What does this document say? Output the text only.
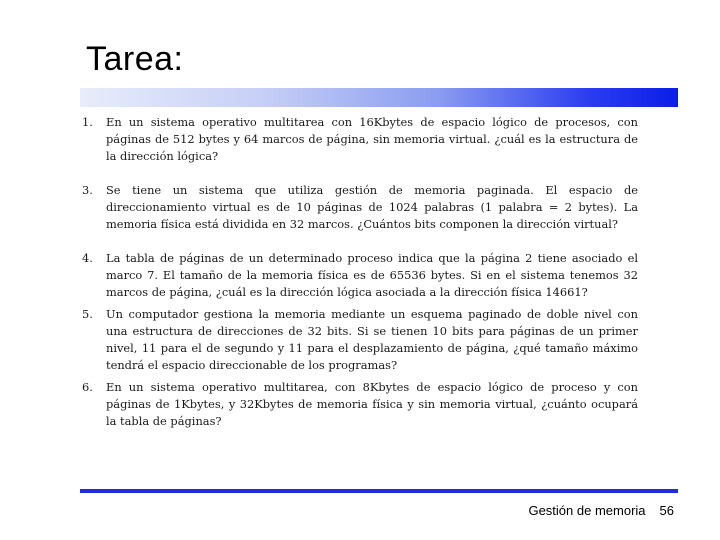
Tarea:
1. En un sistema operativo multitarea con 16Kbytes de espacio lógico de procesos, con páginas de 512 bytes y 64 marcos de página, sin memoria virtual. ¿cuál es la estructura de la dirección lógica?
3. Se tiene un sistema que utiliza gestión de memoria paginada. El espacio de direccionamiento virtual es de 10 páginas de 1024 palabras (1 palabra = 2 bytes). La memoria física está dividida en 32 marcos. ¿Cuántos bits componen la dirección virtual?
4. La tabla de páginas de un determinado proceso indica que la página 2 tiene asociado el marco 7. El tamaño de la memoria física es de 65536 bytes. Si en el sistema tenemos 32 marcos de página, ¿cuál es la dirección lógica asociada a la dirección física 14661?
5. Un computador gestiona la memoria mediante un esquema paginado de doble nivel con una estructura de direcciones de 32 bits. Si se tienen 10 bits para páginas de un primer nivel, 11 para el de segundo y 11 para el desplazamiento de página, ¿qué tamaño máximo tendrá el espacio direccionable de los programas?
6. En un sistema operativo multitarea, con 8Kbytes de espacio lógico de proceso y con páginas de 1Kbytes, y 32Kbytes de memoria física y sin memoria virtual, ¿cuánto ocupará la tabla de páginas?
Gestión de memoria 56
